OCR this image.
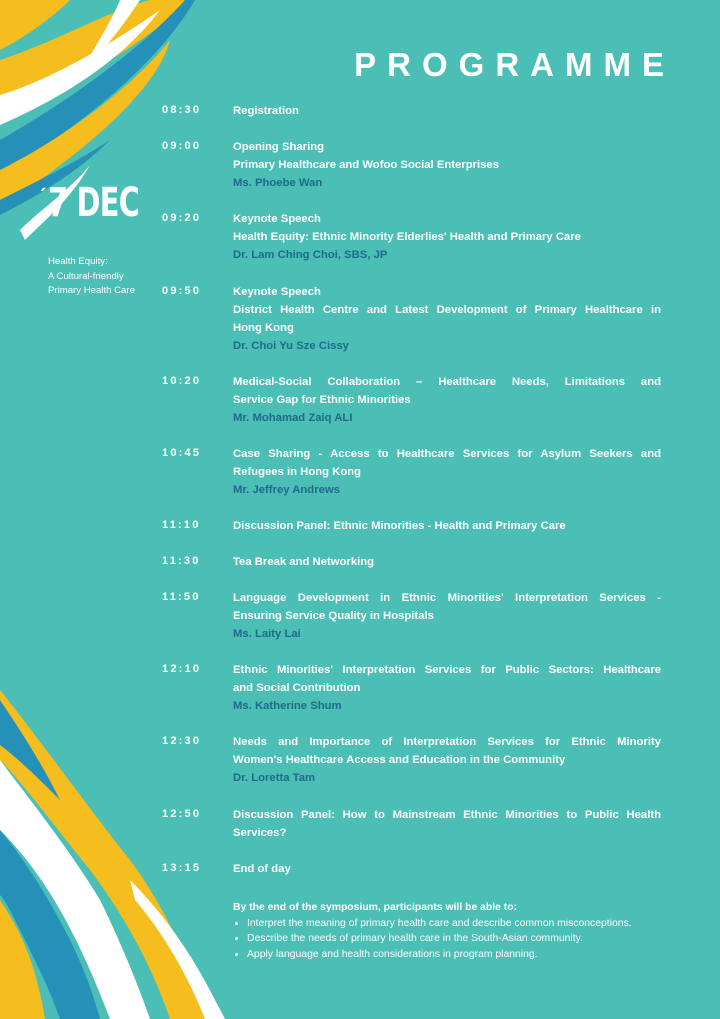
PROGRAMME
´ 7 DEC
Health Equity:
A Cultural-friendly
Primary Health Care
08:30	Registration
09:00	Opening Sharing
Primary Healthcare and Wofoo Social Enterprises
Ms. Phoebe Wan
09:20	Keynote Speech
Health Equity: Ethnic Minority Elderlies' Health and Primary Care
Dr. Lam Ching Choi, SBS, JP
09:50	Keynote Speech
District Health Centre and Latest Development of Primary Healthcare in
Hong Kong
Dr. Choi Yu Sze Cissy
10:20	Medical-Social Collaboration – Healthcare Needs, Limitations and
Service Gap for Ethnic Minorities
Mr. Mohamad Zaiq ALI
10:45	Case Sharing - Access to Healthcare Services for Asylum Seekers and
Refugees in Hong Kong
Mr. Jeffrey Andrews
11:10	Discussion Panel: Ethnic Minorities - Health and Primary Care
11:30	Tea Break and Networking
11:50	Language Development in Ethnic Minorities' Interpretation Services -
Ensuring Service Quality in Hospitals
Ms. Laity Lai
12:10	Ethnic Minorities' Interpretation Services for Public Sectors: Healthcare
and Social Contribution
Ms. Katherine Shum
12:30	Needs and Importance of Interpretation Services for Ethnic Minority
Women's Healthcare Access and Education in the Community
Dr. Loretta Tam
12:50	Discussion Panel: How to Mainstream Ethnic Minorities to Public Health
Services?
13:15	End of day
By the end of the symposium, participants will be able to:
• Interpret the meaning of primary health care and describe common misconceptions.
• Describe the needs of primary health care in the South-Asian community.
• Apply language and health considerations in program planning.
